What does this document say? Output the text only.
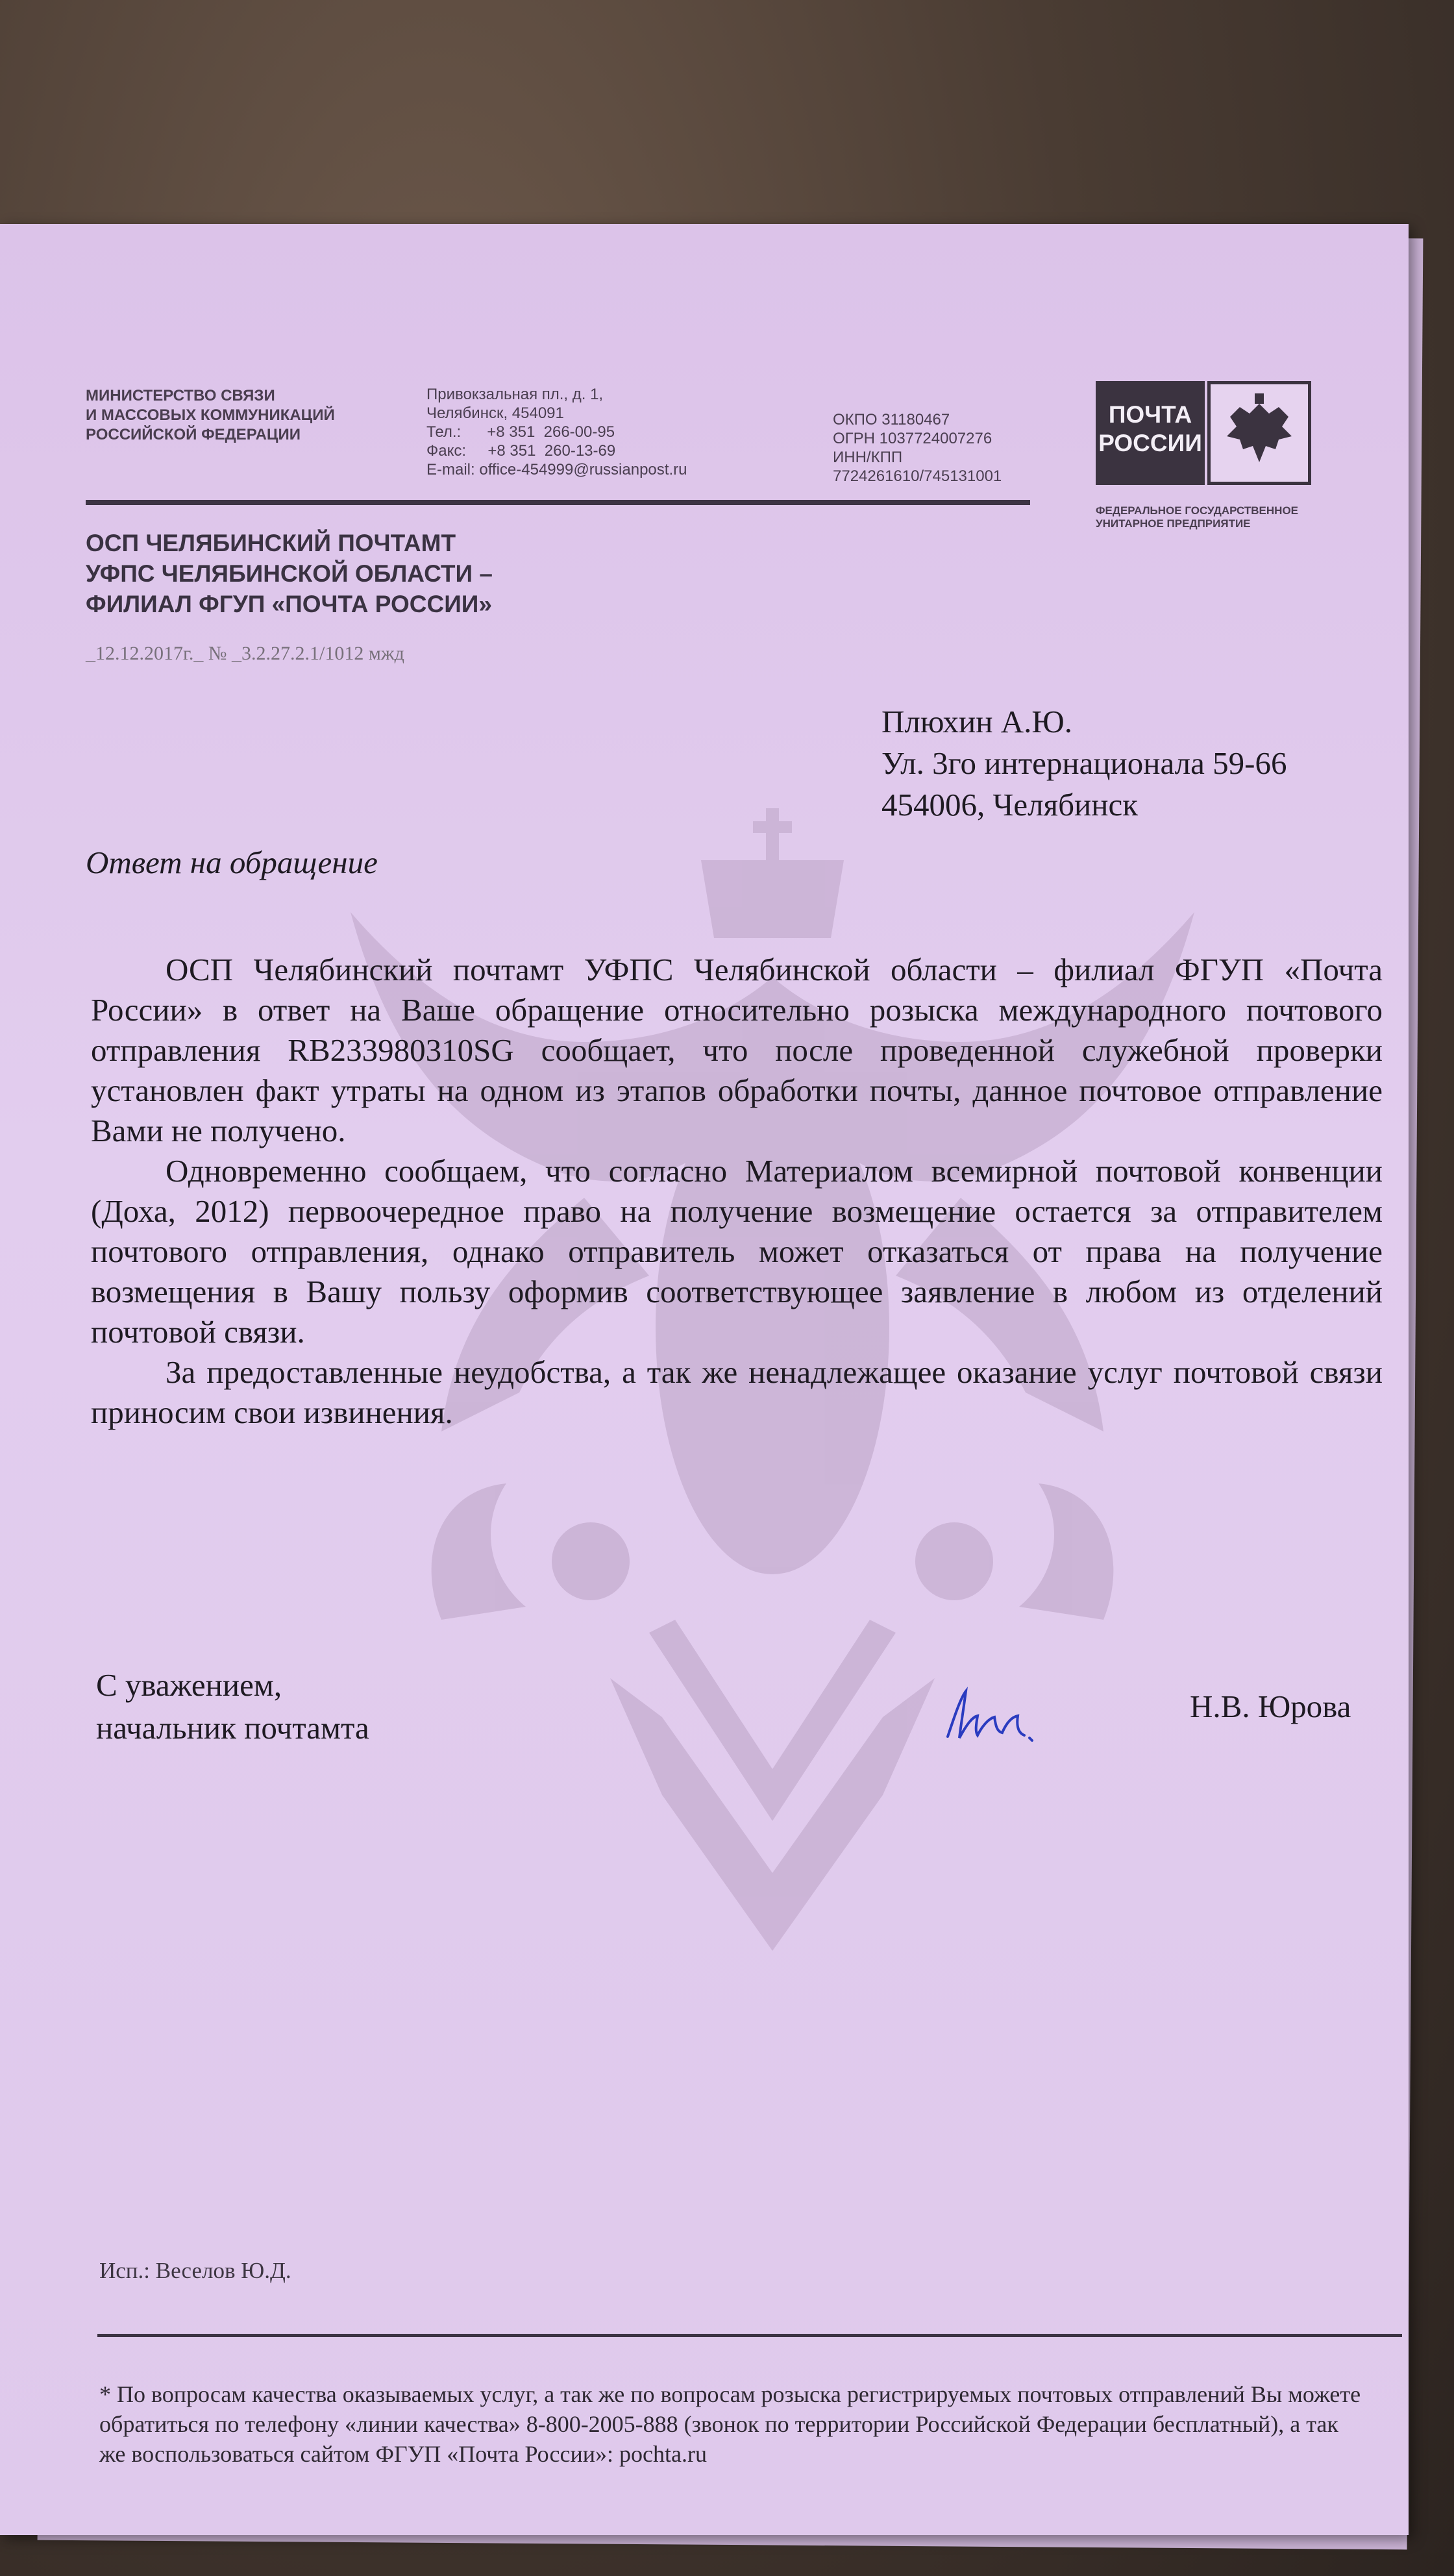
МИНИСТЕРСТВО СВЯЗИ
И МАССОВЫХ КОММУНИКАЦИЙ
РОССИЙСКОЙ ФЕДЕРАЦИИ
Привокзальная пл., д. 1,
Челябинск, 454091
Тел.:      +8 351  266-00-95
Факс:     +8 351  260-13-69
E-mail: office-454999@russianpost.ru
ОКПО 31180467
ОГРН 1037724007276
ИНН/КПП
7724261610/745131001
ПОЧТА
РОССИИ
ФЕДЕРАЛЬНОЕ ГОСУДАРСТВЕННОЕ
УНИТАРНОЕ ПРЕДПРИЯТИЕ
ОСП ЧЕЛЯБИНСКИЙ ПОЧТАМТ
УФПС ЧЕЛЯБИНСКОЙ ОБЛАСТИ –
ФИЛИАЛ ФГУП «ПОЧТА РОССИИ»
_12.12.2017г._ № _3.2.27.2.1/1012 мжд
Плюхин А.Ю.
Ул. 3го интернационала 59-66
454006, Челябинск
Ответ на обращение

ОСП Челябинский почтамт УФПС Челябинской области – филиал ФГУП «Почта России» в ответ на Ваше обращение относительно розыска международного почтового отправления RB233980310SG сообщает, что после проведенной служебной проверки установлен факт утраты на одном из этапов обработки почты, данное почтовое отправление Вами не получено.

Одновременно сообщаем, что согласно Материалом всемирной почтовой конвенции (Доха, 2012) первоочередное право на получение возмещение остается за отправителем почтового отправления, однако отправитель может отказаться от права на получение возмещения в Вашу пользу оформив соответствующее заявление в любом из отделений почтовой связи.

За предоставленные неудобства, а так же ненадлежащее оказание услуг почтовой связи приносим свои извинения.

С уважением,
начальник почтамта
Н.В. Юрова
Исп.: Веселов Ю.Д.
* По вопросам качества оказываемых услуг, а так же по вопросам розыска регистрируемых почтовых отправлений Вы можете обратиться по телефону «линии качества» 8-800-2005-888 (звонок по территории Российской Федерации бесплатный), а так же воспользоваться сайтом ФГУП «Почта России»: pochta.ru
